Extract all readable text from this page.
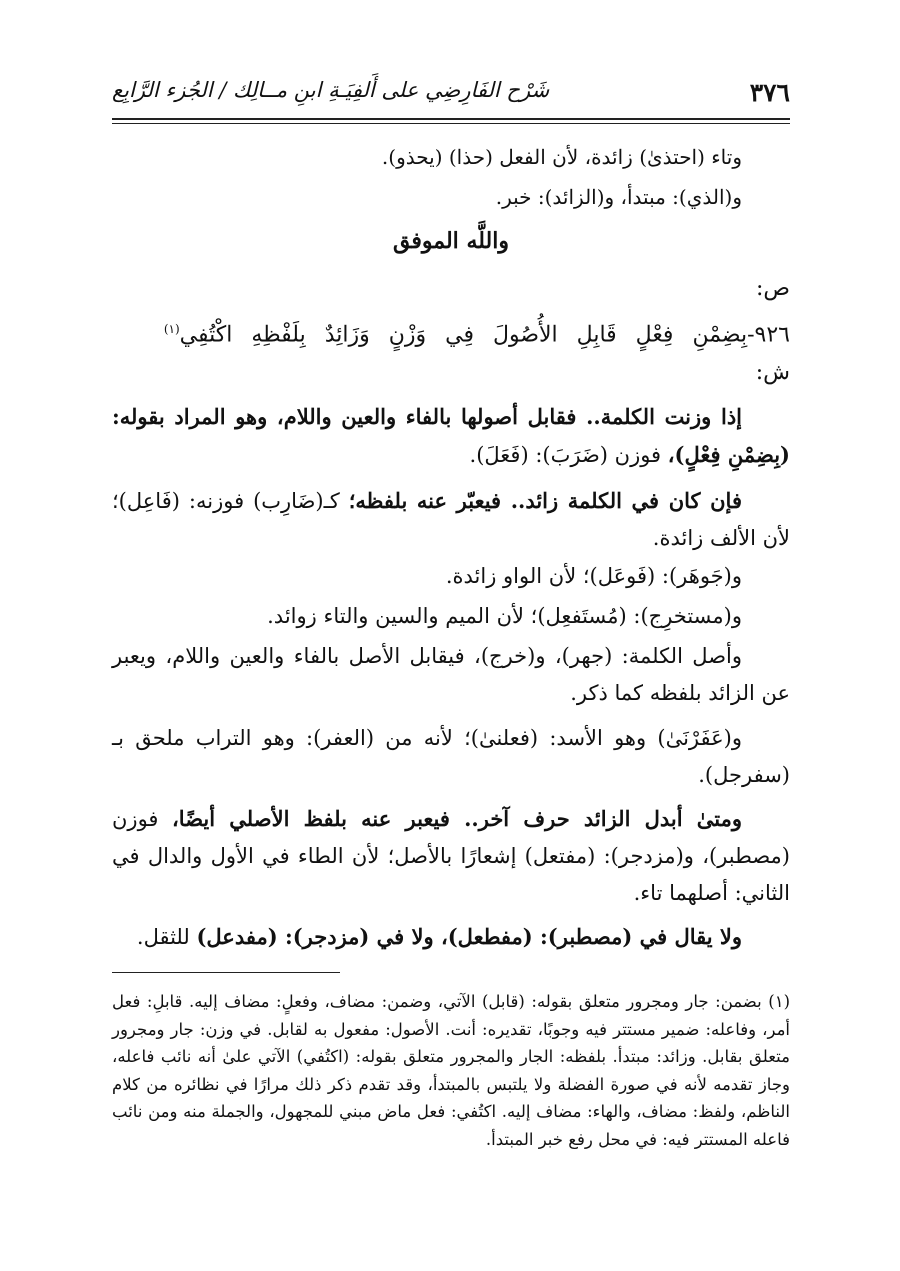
٣٧٦
شَرْح الفَارِضِي على أَلفِيَـةِ ابنِ مــالِك / الجُزء الرَّابِع
وتاء (احتذىٰ) زائدة، لأن الفعل (حذا) (يحذو).
و(الذي): مبتدأ، و(الزائد): خبر.
واللَّه الموفق
ص:
٩٢٦-بِضِمْنِ فِعْلٍ قَابِلِ الأُصُولَ فِي وَزْنٍ وَزَائِدٌ بِلَفْظِهِ اكْتُفِي$^{(١)}$
ش:
إذا وزنت الكلمة.. فقابل أصولها بالفاء والعين واللام، وهو المراد بقوله: (بِضِمْنِ فِعْلٍ)، فوزن (ضَرَبَ): (فَعَلَ).
فإن كان في الكلمة زائد.. فيعبّر عنه بلفظه؛ كـ(ضَارِب) فوزنه: (فَاعِل)؛ لأن الألف زائدة.
و(جَوهَر): (فَوعَل)؛ لأن الواو زائدة.
و(مستخرِج): (مُستَفعِل)؛ لأن الميم والسين والتاء زوائد.
وأصل الكلمة: (جهر)، و(خرج)، فيقابل الأصل بالفاء والعين واللام، ويعبر عن الزائد بلفظه كما ذكر.
و(عَفَرْنَىٰ) وهو الأسد: (فعلنىٰ)؛ لأنه من (العفر): وهو التراب ملحق بـ (سفرجل).
ومتىٰ أبدل الزائد حرف آخر.. فيعبر عنه بلفظ الأصلي أيضًا، فوزن (مصطبر)، و(مزدجر): (مفتعل) إشعارًا بالأصل؛ لأن الطاء في الأول والدال في الثاني: أصلهما تاء.
ولا يقال في (مصطبر): (مفطعل)، ولا في (مزدجر): (مفدعل) للثقل.
(١) بضمن: جار ومجرور متعلق بقوله: (قابل) الآتي، وضمن: مضاف، وفعلٍ: مضاف إليه. قابلِ: فعل أمر، وفاعله: ضمير مستتر فيه وجوبًا، تقديره: أنت. الأصول: مفعول به لقابل. في وزن: جار ومجرور متعلق بقابل. وزائد: مبتدأ. بلفظه: الجار والمجرور متعلق بقوله: (اكتُفي) الآتي علىٰ أنه نائب فاعله، وجاز تقدمه لأنه في صورة الفضلة ولا يلتبس بالمبتدأ، وقد تقدم ذكر ذلك مرارًا في نظائره من كلام الناظم، ولفظ: مضاف، والهاء: مضاف إليه. اكتُفي: فعل ماض مبني للمجهول، والجملة منه ومن نائب فاعله المستتر فيه: في محل رفع خبر المبتدأ.
